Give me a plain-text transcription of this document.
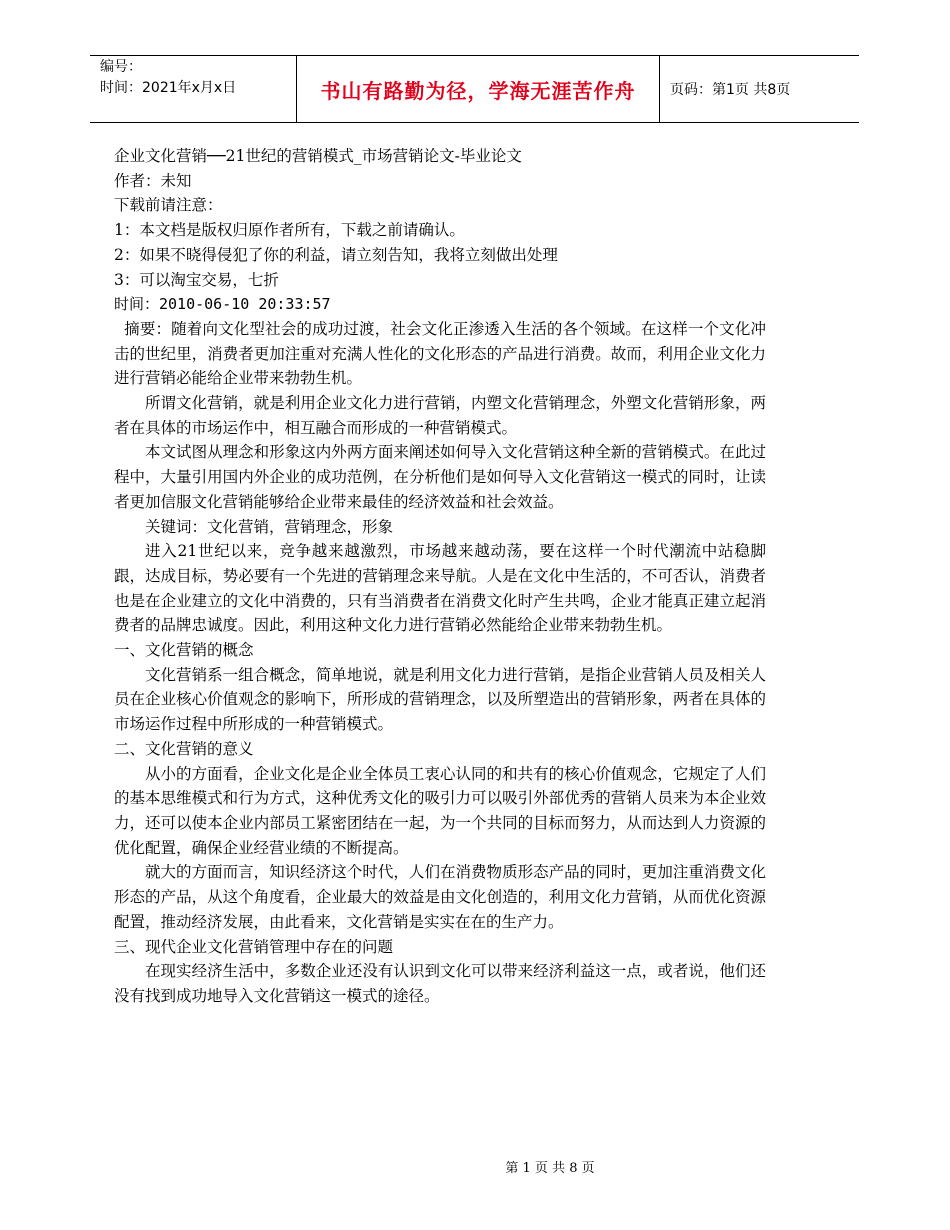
编号：
时间：2021年x月x日	书山有路勤为径，学海无涯苦作舟	页码：第1页 共8页

企业文化营销──21世纪的营销模式_市场营销论文-毕业论文

作者：未知

下载前请注意：

1：本文档是版权归原作者所有，下载之前请确认。

2：如果不晓得侵犯了你的利益，请立刻告知，我将立刻做出处理

3：可以淘宝交易，七折

时间：2010-06-10 20:33:57

摘要：随着向文化型社会的成功过渡，社会文化正渗透入生活的各个领域。在这样一个文化冲击的世纪里，消费者更加注重对充满人性化的文化形态的产品进行消费。故而，利用企业文化力进行营销必能给企业带来勃勃生机。

所谓文化营销，就是利用企业文化力进行营销，内塑文化营销理念，外塑文化营销形象，两者在具体的市场运作中，相互融合而形成的一种营销模式。

本文试图从理念和形象这内外两方面来阐述如何导入文化营销这种全新的营销模式。在此过程中，大量引用国内外企业的成功范例，在分析他们是如何导入文化营销这一模式的同时，让读者更加信服文化营销能够给企业带来最佳的经济效益和社会效益。

关键词：文化营销，营销理念，形象

进入21世纪以来，竞争越来越激烈，市场越来越动荡，要在这样一个时代潮流中站稳脚跟，达成目标，势必要有一个先进的营销理念来导航。人是在文化中生活的，不可否认，消费者也是在企业建立的文化中消费的，只有当消费者在消费文化时产生共鸣，企业才能真正建立起消费者的品牌忠诚度。因此，利用这种文化力进行营销必然能给企业带来勃勃生机。

一、文化营销的概念

文化营销系一组合概念，简单地说，就是利用文化力进行营销，是指企业营销人员及相关人员在企业核心价值观念的影响下，所形成的营销理念，以及所塑造出的营销形象，两者在具体的市场运作过程中所形成的一种营销模式。

二、文化营销的意义

从小的方面看，企业文化是企业全体员工衷心认同的和共有的核心价值观念，它规定了人们的基本思维模式和行为方式，这种优秀文化的吸引力可以吸引外部优秀的营销人员来为本企业效力，还可以使本企业内部员工紧密团结在一起，为一个共同的目标而努力，从而达到人力资源的优化配置，确保企业经营业绩的不断提高。

就大的方面而言，知识经济这个时代，人们在消费物质形态产品的同时，更加注重消费文化形态的产品，从这个角度看，企业最大的效益是由文化创造的，利用文化力营销，从而优化资源配置，推动经济发展，由此看来，文化营销是实实在在的生产力。

三、现代企业文化营销管理中存在的问题

在现实经济生活中，多数企业还没有认识到文化可以带来经济利益这一点，或者说，他们还没有找到成功地导入文化营销这一模式的途径。

第 1 页 共 8 页
